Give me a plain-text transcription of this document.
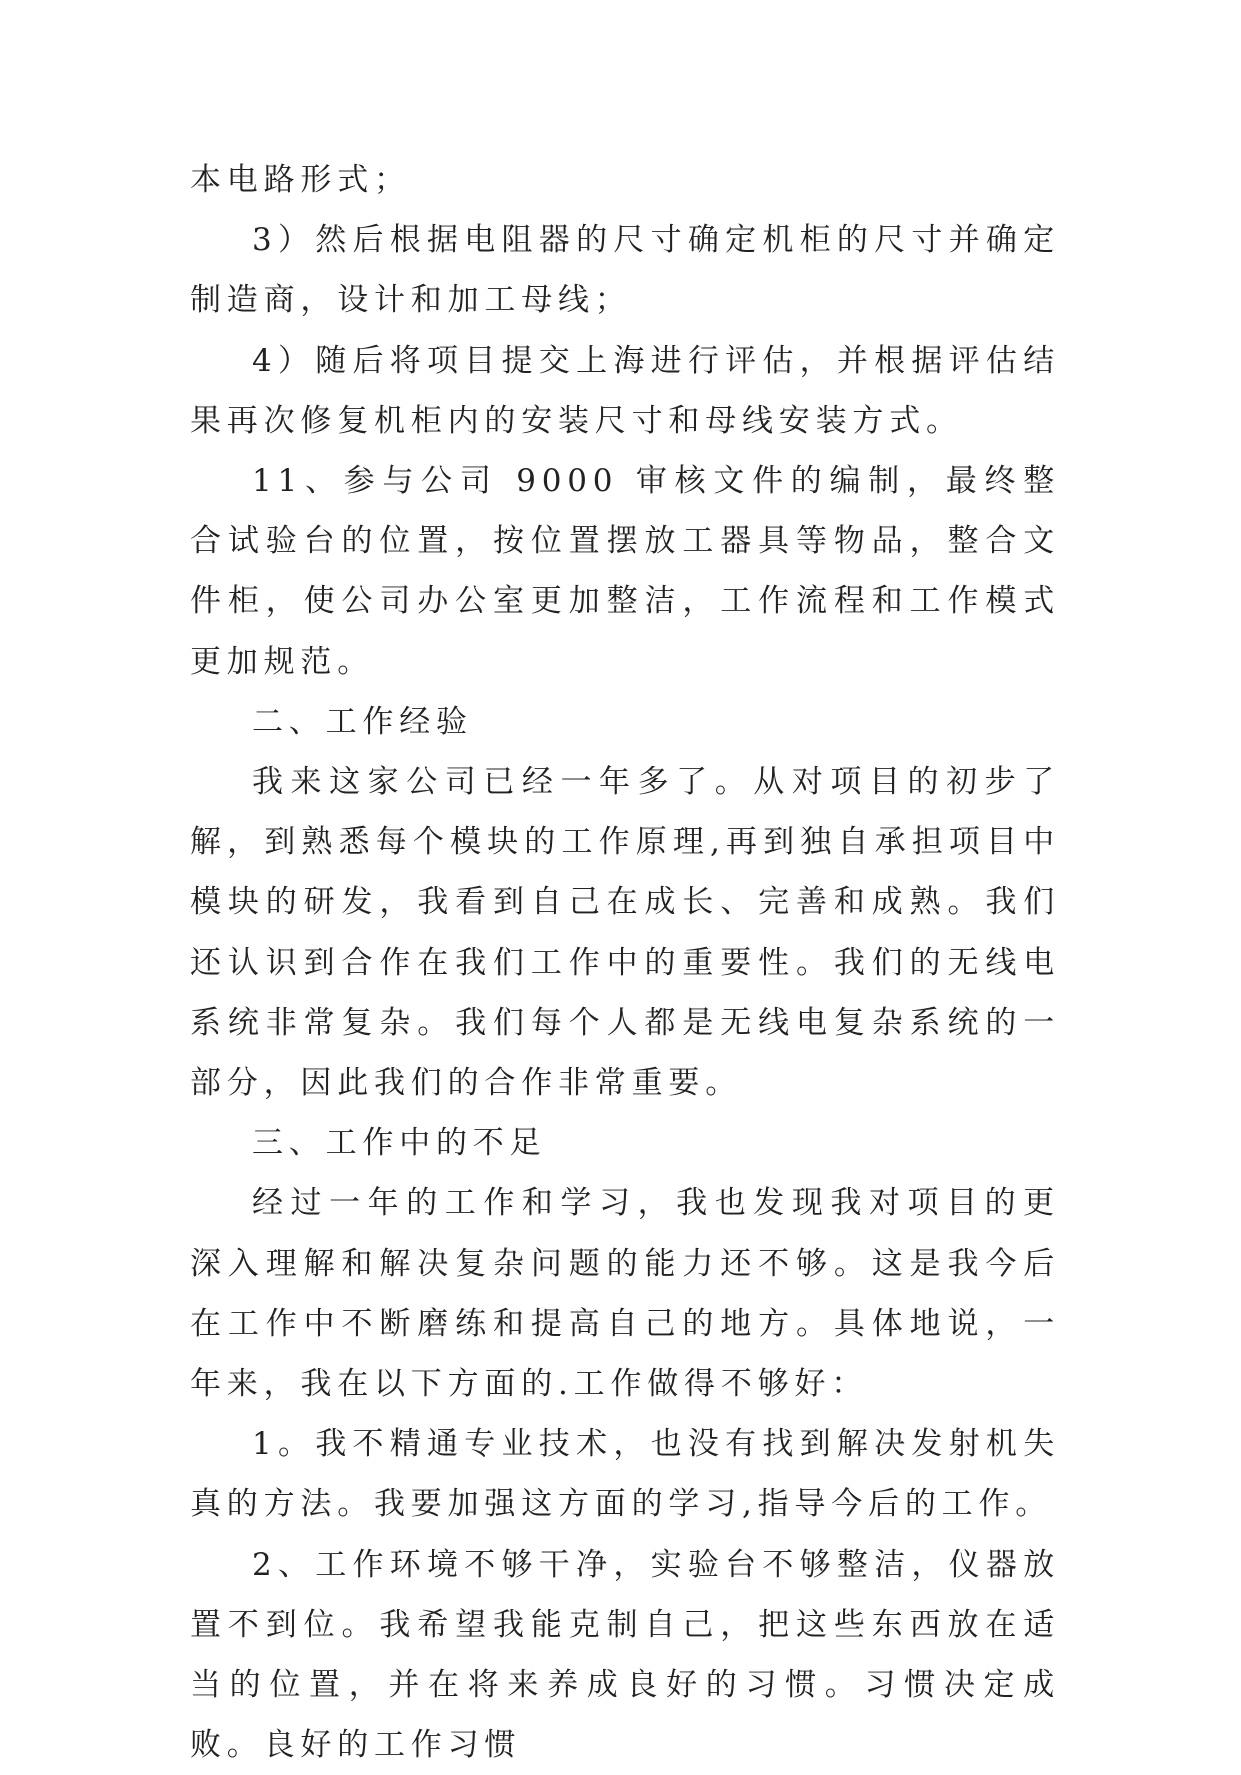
本电路形式；

3）然后根据电阻器的尺寸确定机柜的尺寸并确定制造商，设计和加工母线；

4）随后将项目提交上海进行评估，并根据评估结果再次修复机柜内的安装尺寸和母线安装方式。

11、参与公司 9000 审核文件的编制，最终整合试验台的位置，按位置摆放工器具等物品，整合文件柜，使公司办公室更加整洁，工作流程和工作模式更加规范。

二、工作经验

我来这家公司已经一年多了。从对项目的初步了解，到熟悉每个模块的工作原理,再到独自承担项目中模块的研发，我看到自己在成长、完善和成熟。我们还认识到合作在我们工作中的重要性。我们的无线电系统非常复杂。我们每个人都是无线电复杂系统的一部分，因此我们的合作非常重要。

三、工作中的不足

经过一年的工作和学习，我也发现我对项目的更深入理解和解决复杂问题的能力还不够。这是我今后在工作中不断磨练和提高自己的地方。具体地说，一年来，我在以下方面的.工作做得不够好：

1。我不精通专业技术，也没有找到解决发射机失真的方法。我要加强这方面的学习,指导今后的工作。

2、工作环境不够干净，实验台不够整洁，仪器放置不到位。我希望我能克制自己，把这些东西放在适当的位置，并在将来养成良好的习惯。习惯决定成败。良好的工作习惯
